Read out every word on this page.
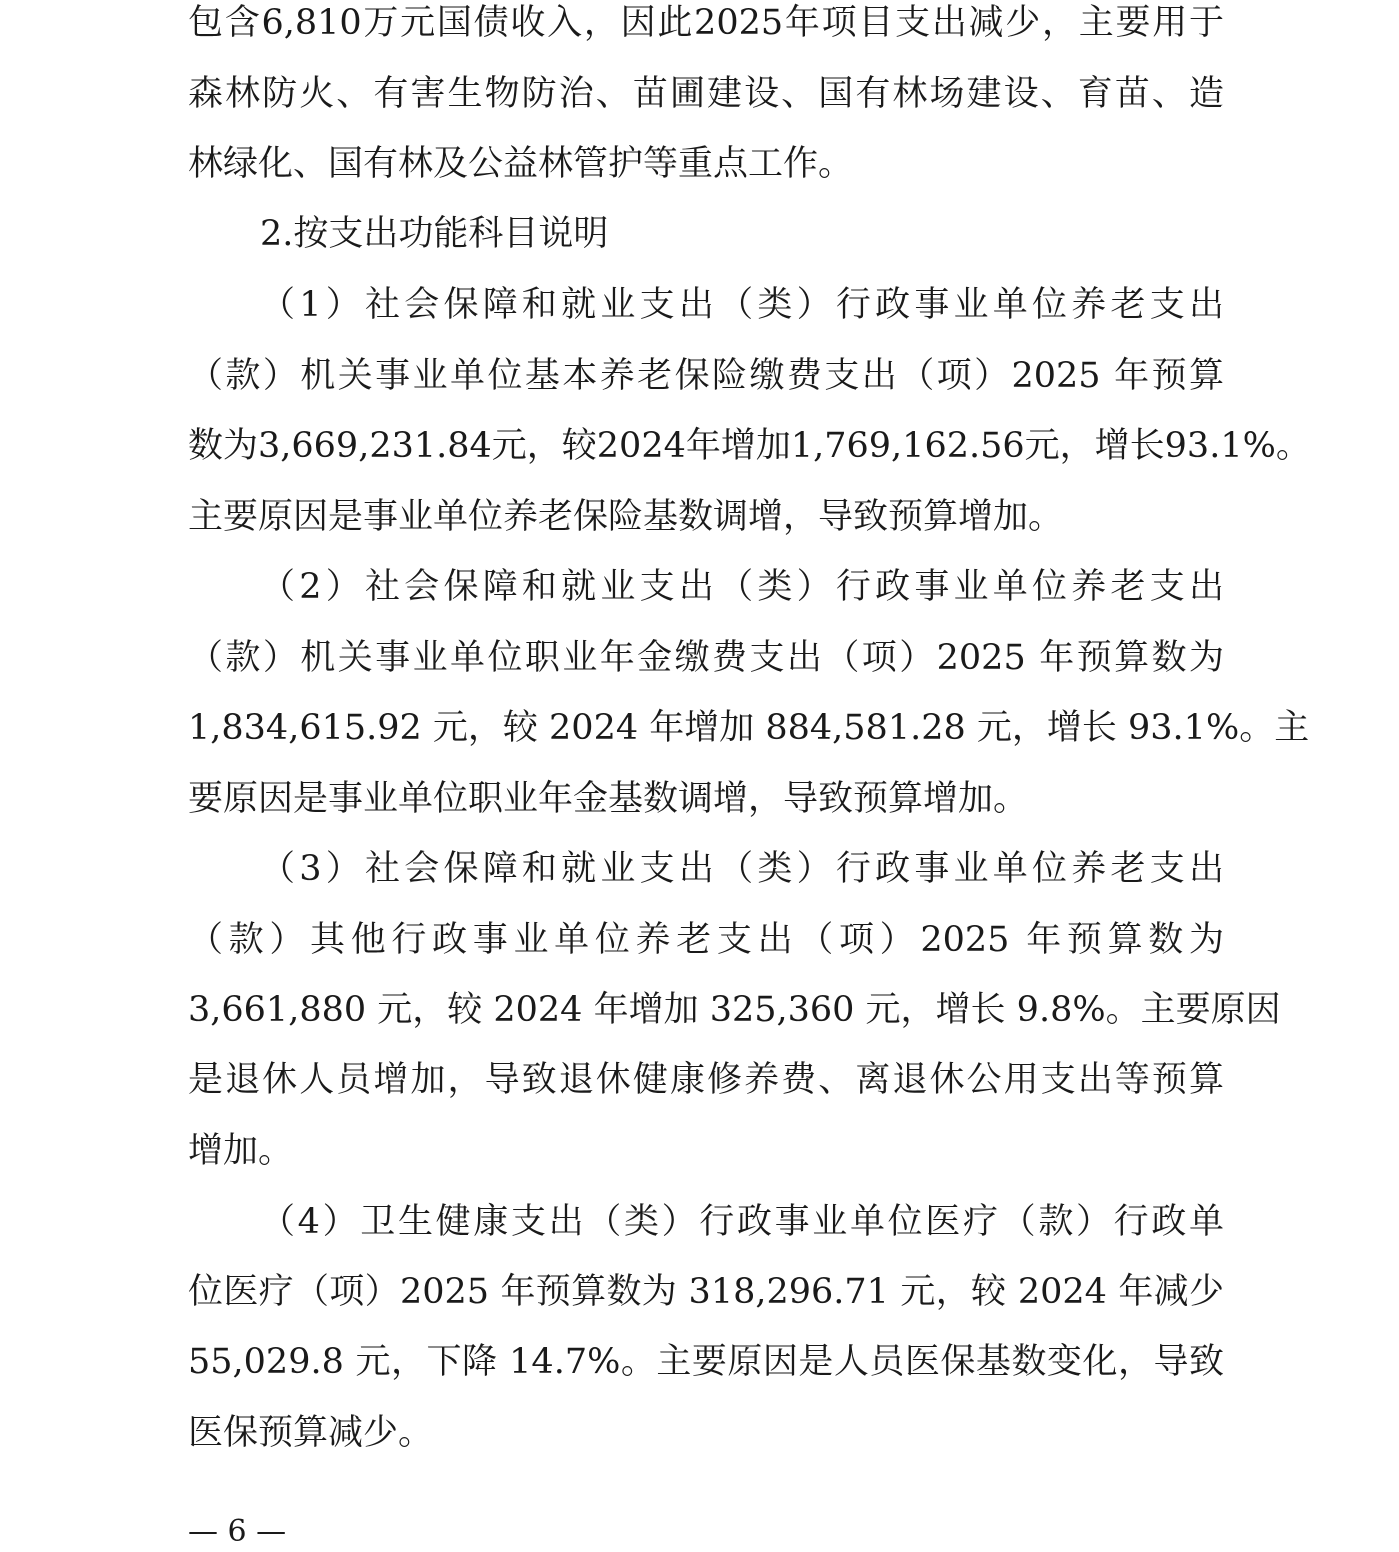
包含6,810万元国债收入，因此2025年项目支出减少，主要用于
森林防火、有害生物防治、苗圃建设、国有林场建设、育苗、造
林绿化、国有林及公益林管护等重点工作。
2.按支出功能科目说明
（1）社会保障和就业支出（类）行政事业单位养老支出
（款）机关事业单位基本养老保险缴费支出（项）2025 年预算
数为3,669,231.84元，较2024年增加1,769,162.56元，增长93.1%。
主要原因是事业单位养老保险基数调增，导致预算增加。
（2）社会保障和就业支出（类）行政事业单位养老支出
（款）机关事业单位职业年金缴费支出（项）2025 年预算数为
1,834,615.92 元，较 2024 年增加 884,581.28 元，增长 93.1%。主
要原因是事业单位职业年金基数调增，导致预算增加。
（3）社会保障和就业支出（类）行政事业单位养老支出
（款）其他行政事业单位养老支出（项）2025 年预算数为
3,661,880 元，较 2024 年增加 325,360 元，增长 9.8%。主要原因
是退休人员增加，导致退休健康修养费、离退休公用支出等预算
增加。
（4）卫生健康支出（类）行政事业单位医疗（款）行政单
位医疗（项）2025 年预算数为 318,296.71 元，较 2024 年减少
55,029.8 元，下降 14.7%。主要原因是人员医保基数变化，导致
医保预算减少。
— 6 —
